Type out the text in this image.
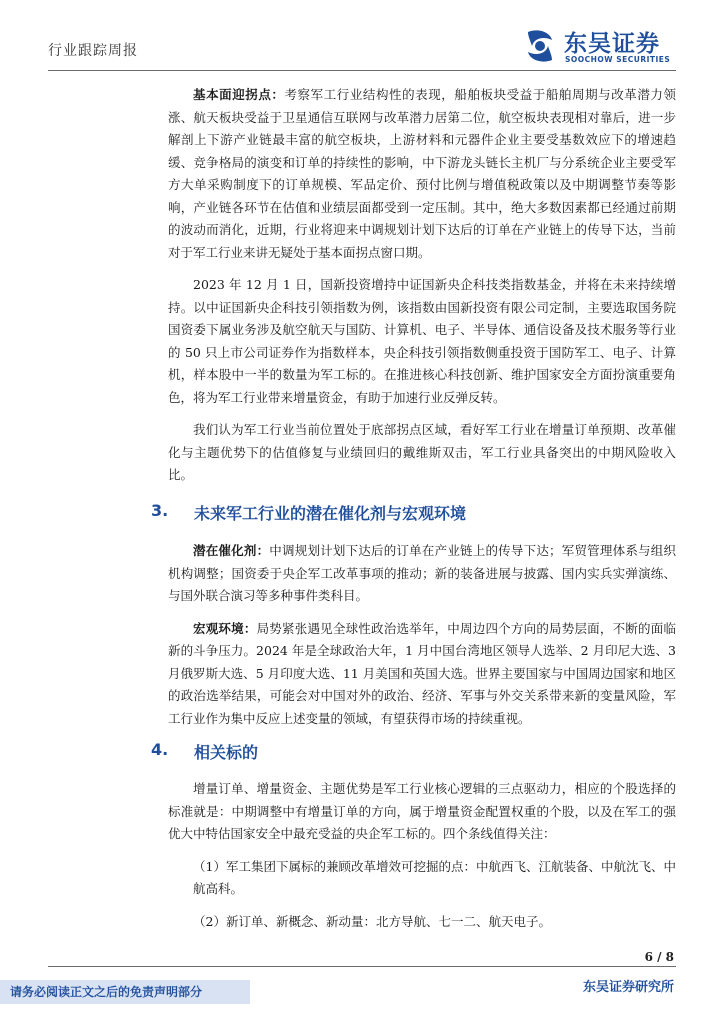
行业跟踪周报	东吴证券
SOOCHOW SECURITIES

基本面迎拐点：考察军工行业结构性的表现，船舶板块受益于船舶周期与改革潜力领涨、航天板块受益于卫星通信互联网与改革潜力居第二位，航空板块表现相对靠后，进一步解剖上下游产业链最丰富的航空板块，上游材料和元器件企业主要受基数效应下的增速趋缓、竞争格局的演变和订单的持续性的影响，中下游龙头链长主机厂与分系统企业主要受军方大单采购制度下的订单规模、军品定价、预付比例与增值税政策以及中期调整节奏等影响，产业链各环节在估值和业绩层面都受到一定压制。其中，绝大多数因素都已经通过前期的波动而消化，近期，行业将迎来中调规划计划下达后的订单在产业链上的传导下达，当前对于军工行业来讲无疑处于基本面拐点窗口期。

2023 年 12 月 1 日，国新投资增持中证国新央企科技类指数基金，并将在未来持续增持。以中证国新央企科技引领指数为例，该指数由国新投资有限公司定制，主要选取国务院国资委下属业务涉及航空航天与国防、计算机、电子、半导体、通信设备及技术服务等行业的 50 只上市公司证券作为指数样本，央企科技引领指数侧重投资于国防军工、电子、计算机，样本股中一半的数量为军工标的。在推进核心科技创新、维护国家安全方面扮演重要角色，将为军工行业带来增量资金，有助于加速行业反弹反转。

我们认为军工行业当前位置处于底部拐点区域，看好军工行业在增量订单预期、改革催化与主题优势下的估值修复与业绩回归的戴维斯双击，军工行业具备突出的中期风险收入比。

3. 未来军工行业的潜在催化剂与宏观环境

潜在催化剂：中调规划计划下达后的订单在产业链上的传导下达；军贸管理体系与组织机构调整；国资委于央企军工改革事项的推动；新的装备进展与披露、国内实兵实弹演练、与国外联合演习等多种事件类科目。

宏观环境：局势紧张遇见全球性政治选举年，中周边四个方向的局势层面，不断的面临新的斗争压力。2024 年是全球政治大年，1 月中国台湾地区领导人选举、2 月印尼大选、3 月俄罗斯大选、5 月印度大选、11 月美国和英国大选。世界主要国家与中国周边国家和地区的政治选举结果，可能会对中国对外的政治、经济、军事与外交关系带来新的变量风险，军工行业作为集中反应上述变量的领域，有望获得市场的持续重视。

4. 相关标的

增量订单、增量资金、主题优势是军工行业核心逻辑的三点驱动力，相应的个股选择的标准就是：中期调整中有增量订单的方向，属于增量资金配置权重的个股，以及在军工的强优大中特估国家安全中最充受益的央企军工标的。四个条线值得关注：

（1）军工集团下属标的兼顾改革增效可挖掘的点：中航西飞、江航装备、中航沈飞、中航高科。

（2）新订单、新概念、新动量：北方导航、七一二、航天电子。

6 / 8
请务必阅读正文之后的免责声明部分	东吴证券研究所
